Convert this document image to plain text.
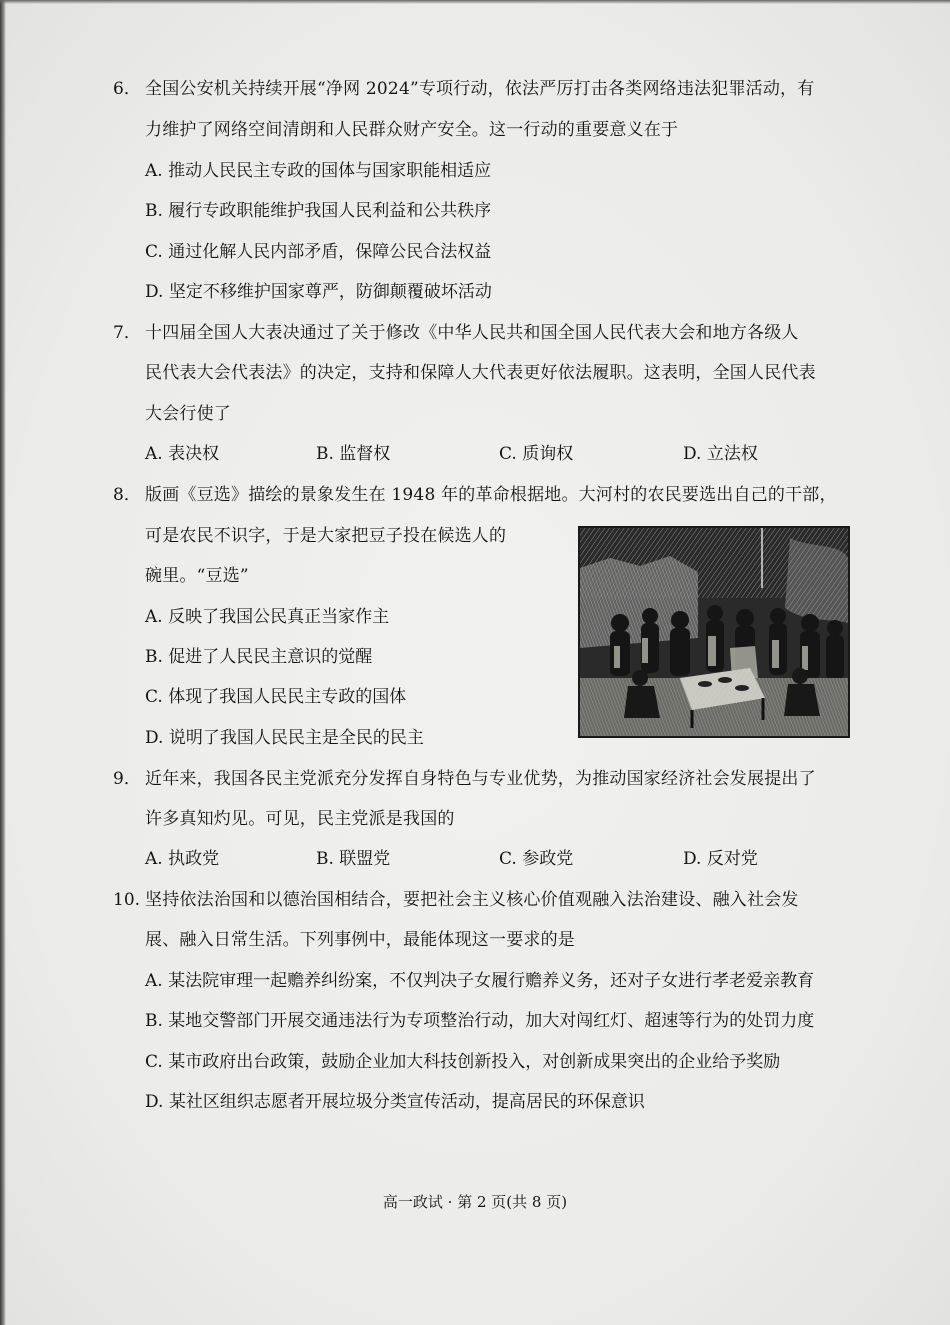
6． 全国公安机关持续开展“净网 2024”专项行动，依法严厉打击各类网络违法犯罪活动，有
力维护了网络空间清朗和人民群众财产安全。这一行动的重要意义在于
A. 推动人民民主专政的国体与国家职能相适应
B. 履行专政职能维护我国人民利益和公共秩序
C. 通过化解人民内部矛盾，保障公民合法权益
D. 坚定不移维护国家尊严，防御颠覆破坏活动
7． 十四届全国人大表决通过了关于修改《中华人民共和国全国人民代表大会和地方各级人
民代表大会代表法》的决定，支持和保障人大代表更好依法履职。这表明，全国人民代表
大会行使了
A. 表决权	B. 监督权	C. 质询权	D. 立法权
8． 版画《豆选》描绘的景象发生在 1948 年的革命根据地。大河村的农民要选出自己的干部，
可是农民不识字，于是大家把豆子投在候选人的
碗里。“豆选”
A. 反映了我国公民真正当家作主
B. 促进了人民民主意识的觉醒
C. 体现了我国人民民主专政的国体
D. 说明了我国人民民主是全民的民主
9． 近年来，我国各民主党派充分发挥自身特色与专业优势，为推动国家经济社会发展提出了
许多真知灼见。可见，民主党派是我国的
A. 执政党	B. 联盟党	C. 参政党	D. 反对党
10. 坚持依法治国和以德治国相结合，要把社会主义核心价值观融入法治建设、融入社会发
展、融入日常生活。下列事例中，最能体现这一要求的是
A. 某法院审理一起赡养纠纷案，不仅判决子女履行赡养义务，还对子女进行孝老爱亲教育
B. 某地交警部门开展交通违法行为专项整治行动，加大对闯红灯、超速等行为的处罚力度
C. 某市政府出台政策，鼓励企业加大科技创新投入，对创新成果突出的企业给予奖励
D. 某社区组织志愿者开展垃圾分类宣传活动，提高居民的环保意识
高一政试 · 第 2 页(共 8 页)
